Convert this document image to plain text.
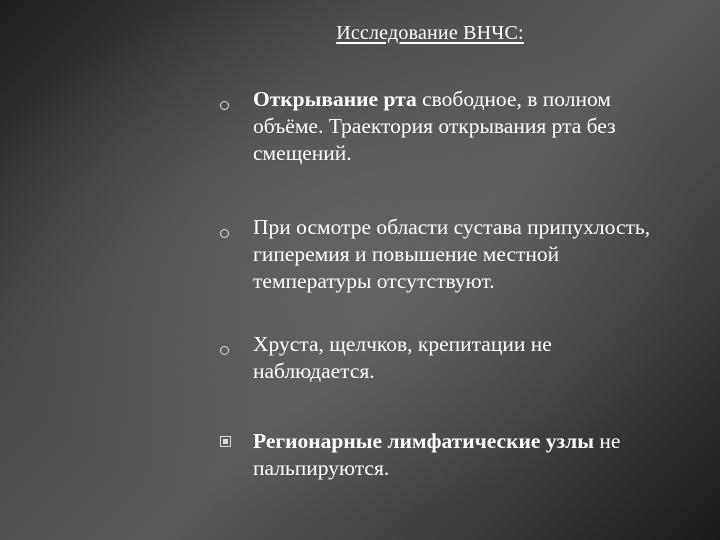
Исследование ВНЧС:
Открывание рта свободное, в полном объёме. Траектория открывания рта без смещений.
При осмотре области сустава припухлость, гиперемия и повышение местной температуры отсутствуют.
Хруста, щелчков, крепитации не наблюдается.
Регионарные лимфатические узлы не пальпируются.
